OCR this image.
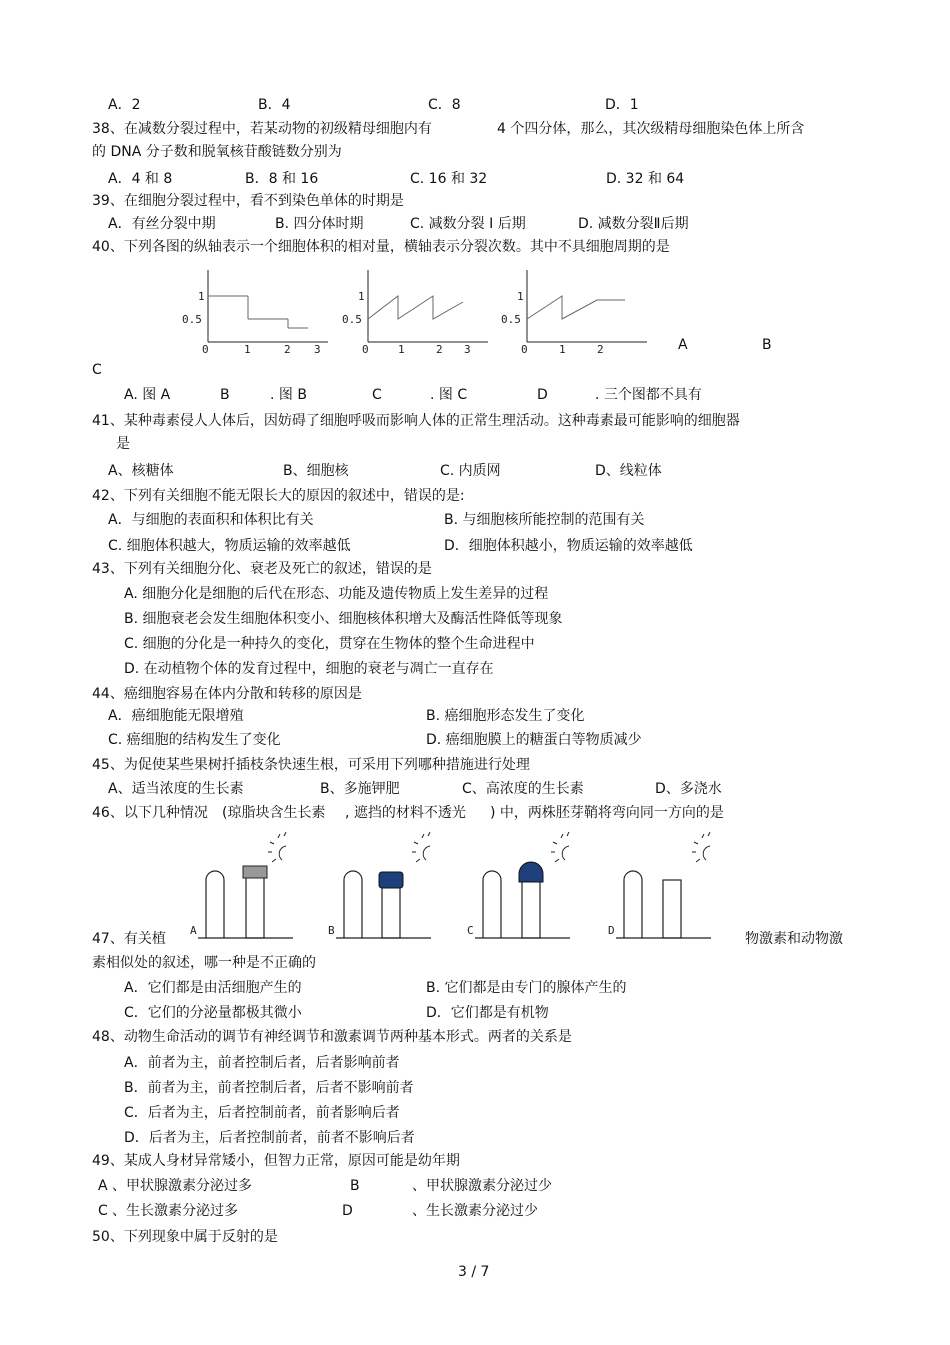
A．2	B．4	C．8	D．1
38、在减数分裂过程中，若某动物的初级精母细胞内有	4 个四分体，那么，其次级精母细胞染色体上所含
的 DNA 分子数和脱氧核苷酸链数分别为
A．4 和 8	B．8 和 16	C. 16 和 32	D. 32 和 64
39、在细胞分裂过程中，看不到染色单体的时期是
A．有丝分裂中期	B. 四分体时期	C. 减数分裂 I 后期	D. 减数分裂Ⅱ后期
40、下列各图的纵轴表示一个细胞体积的相对量，横轴表示分裂次数。其中不具细胞周期的是
1
0.5
0	1	2 3
1
0.5
0	1	2 3
1
0.5
0	1	2	A	B
C
A. 图 A	B	. 图 B	C	. 图 C	D	. 三个图都不具有
41、某种毒素侵人人体后，因妨碍了细胞呼吸而影响人体的正常生理活动。这种毒素最可能影响的细胞器
是
A、核糖体	B、细胞核	C. 内质网	D、线粒体
42、下列有关细胞不能无限长大的原因的叙述中，错误的是:
A．与细胞的表面积和体积比有关	B. 与细胞核所能控制的范围有关
C. 细胞体积越大，物质运输的效率越低	D．细胞体积越小，物质运输的效率越低
43、下列有关细胞分化、衰老及死亡的叙述，错误的是
A. 细胞分化是细胞的后代在形态、功能及遗传物质上发生差异的过程
B. 细胞衰老会发生细胞体积变小、细胞核体积增大及酶活性降低等现象
C. 细胞的分化是一种持久的变化，贯穿在生物体的整个生命进程中
D. 在动植物个体的发育过程中，细胞的衰老与凋亡一直存在
44、癌细胞容易在体内分散和转移的原因是
A．癌细胞能无限增殖	B. 癌细胞形态发生了变化
C. 癌细胞的结构发生了变化	D. 癌细胞膜上的糖蛋白等物质减少
45、为促使某些果树扦插枝条快速生根，可采用下列哪种措施进行处理
A、适当浓度的生长素	B、多施钾肥	C、高浓度的生长素	D、多浇水
46、以下几种情况 (琼脂块含生长素 , 遮挡的材料不透光 ) 中，两株胚芽鞘将弯向同一方向的是
A	B	C	D
47、有关植	物激素和动物激
素相似处的叙述，哪一种是不正确的
A．它们都是由活细胞产生的	B. 它们都是由专门的腺体产生的
C．它们的分泌量都极其微小	D．它们都是有机物
48、动物生命活动的调节有神经调节和激素调节两种基本形式。两者的关系是
A．前者为主，前者控制后者，后者影响前者
B．前者为主，前者控制后者，后者不影响前者
C．后者为主，后者控制前者，前者影响后者
D．后者为主，后者控制前者，前者不影响后者
49、某成人身材异常矮小，但智力正常，原因可能是幼年期
A 、甲状腺激素分泌过多	B	、甲状腺激素分泌过少
C 、生长激素分泌过多	D	、生长激素分泌过少
50、下列现象中属于反射的是
3 / 7
